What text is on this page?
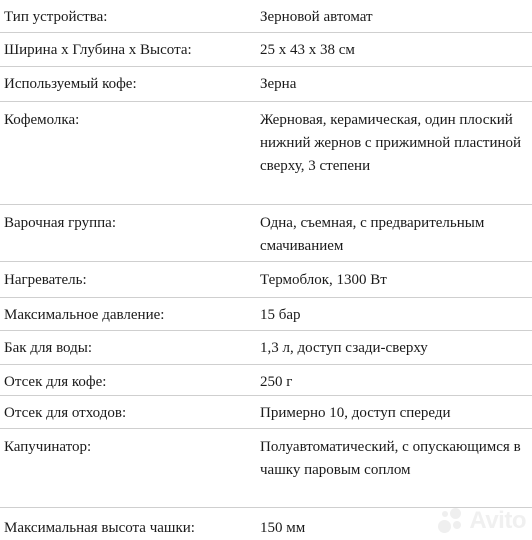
Тип устройства:	Зерновой автомат
Ширина х Глубина х Высота:	25 х 43 х 38 см
Используемый кофе:	Зерна
Кофемолка:	Жерновая, керамическая, один плоский нижний жернов с прижимной пластиной сверху, 3 степени
Варочная группа:	Одна, съемная, с предварительным смачиванием
Нагреватель:	Термоблок, 1300 Вт
Максимальное давление:	15 бар
Бак для воды:	1,3 л, доступ сзади-сверху
Отсек для кофе:	250 г
Отсек для отходов:	Примерно 10, доступ спереди
Капучинатор:	Полуавтоматический, с опускающимся в чашку паровым соплом
Максимальная высота чашки:	150 мм	Avito
